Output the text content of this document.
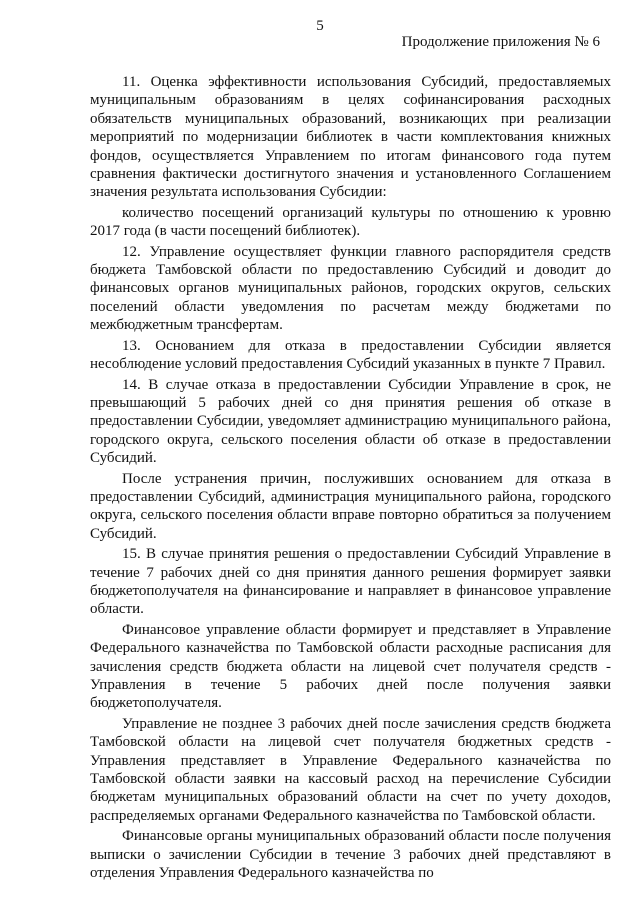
5
Продолжение приложения № 6

11. Оценка эффективности использования Субсидий, предоставляемых муниципальным образованиям в целях софинансирования расходных обязательств муниципальных образований, возникающих при реализации мероприятий по модернизации библиотек в части комплектования книжных фондов, осуществляется Управлением по итогам финансового года путем сравнения фактически достигнутого значения и установленного Соглашением значения результата использования Субсидии:

количество посещений организаций культуры по отношению к уровню 2017 года (в части посещений библиотек).

12. Управление осуществляет функции главного распорядителя средств бюджета Тамбовской области по предоставлению Субсидий и доводит до финансовых органов муниципальных районов, городских округов, сельских поселений области уведомления по расчетам между бюджетами по межбюджетным трансфертам.

13. Основанием для отказа в предоставлении Субсидии является несоблюдение условий предоставления Субсидий указанных в пункте 7 Правил.

14. В случае отказа в предоставлении Субсидии Управление в срок, не превышающий 5 рабочих дней со дня принятия решения об отказе в предоставлении Субсидии, уведомляет администрацию муниципального района, городского округа, сельского поселения области об отказе в предоставлении Субсидий.

После устранения причин, послуживших основанием для отказа в предоставлении Субсидий, администрация муниципального района, городского округа, сельского поселения области вправе повторно обратиться за получением Субсидий.

15. В случае принятия решения о предоставлении Субсидий Управление в течение 7 рабочих дней со дня принятия данного решения формирует заявки бюджетополучателя на финансирование и направляет в финансовое управление области.

Финансовое управление области формирует и представляет в Управление Федерального казначейства по Тамбовской области расходные расписания для зачисления средств бюджета области на лицевой счет получателя средств - Управления в течение 5 рабочих дней после получения заявки бюджетополучателя.

Управление не позднее 3 рабочих дней после зачисления средств бюджета Тамбовской области на лицевой счет получателя бюджетных средств - Управления представляет в Управление Федерального казначейства по Тамбовской области заявки на кассовый расход на перечисление Субсидии бюджетам муниципальных образований области на счет по учету доходов, распределяемых органами Федерального казначейства по Тамбовской области.

Финансовые органы муниципальных образований области после получения выписки о зачислении Субсидии в течение 3 рабочих дней представляют в отделения Управления Федерального казначейства по
